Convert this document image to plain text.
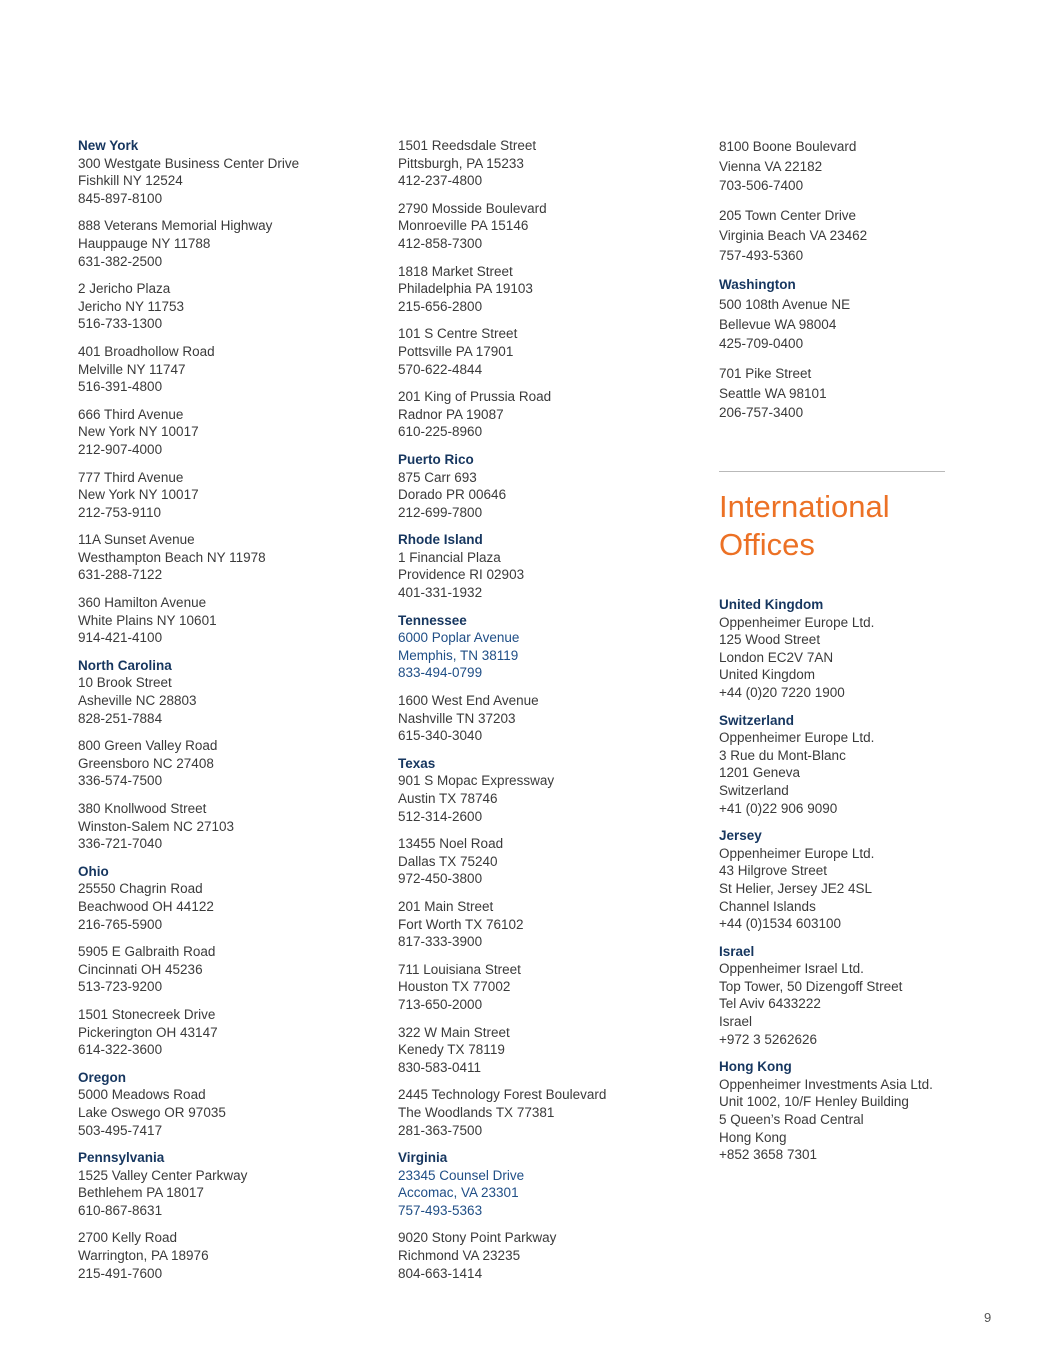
New York
300 Westgate Business Center Drive
Fishkill NY 12524
845-897-8100
888 Veterans Memorial Highway
Hauppauge NY 11788
631-382-2500
2 Jericho Plaza
Jericho NY 11753
516-733-1300
401 Broadhollow Road
Melville NY 11747
516-391-4800
666 Third Avenue
New York NY 10017
212-907-4000
777 Third Avenue
New York NY 10017
212-753-9110
11A Sunset Avenue
Westhampton Beach NY 11978
631-288-7122
360 Hamilton Avenue
White Plains NY 10601
914-421-4100
North Carolina
10 Brook Street
Asheville NC 28803
828-251-7884
800 Green Valley Road
Greensboro NC 27408
336-574-7500
380 Knollwood Street
Winston-Salem NC 27103
336-721-7040
Ohio
25550 Chagrin Road
Beachwood OH 44122
216-765-5900
5905 E Galbraith Road
Cincinnati OH 45236
513-723-9200
1501 Stonecreek Drive
Pickerington OH 43147
614-322-3600
Oregon
5000 Meadows Road
Lake Oswego OR 97035
503-495-7417
Pennsylvania
1525 Valley Center Parkway
Bethlehem PA 18017
610-867-8631
2700 Kelly Road
Warrington, PA 18976
215-491-7600
1501 Reedsdale Street
Pittsburgh, PA 15233
412-237-4800
2790 Mosside Boulevard
Monroeville PA 15146
412-858-7300
1818 Market Street
Philadelphia PA 19103
215-656-2800
101 S Centre Street
Pottsville PA 17901
570-622-4844
201 King of Prussia Road
Radnor PA 19087
610-225-8960
Puerto Rico
875 Carr 693
Dorado PR 00646
212-699-7800
Rhode Island
1 Financial Plaza
Providence RI 02903
401-331-1932
Tennessee
6000 Poplar Avenue
Memphis, TN 38119
833-494-0799
1600 West End Avenue
Nashville TN 37203
615-340-3040
Texas
901 S Mopac Expressway
Austin TX 78746
512-314-2600
13455 Noel Road
Dallas TX 75240
972-450-3800
201 Main Street
Fort Worth TX 76102
817-333-3900
711 Louisiana Street
Houston TX 77002
713-650-2000
322 W Main Street
Kenedy TX 78119
830-583-0411
2445 Technology Forest Boulevard
The Woodlands TX 77381
281-363-7500
Virginia
23345 Counsel Drive
Accomac, VA 23301
757-493-5363
9020 Stony Point Parkway
Richmond VA 23235
804-663-1414
8100 Boone Boulevard
Vienna VA 22182
703-506-7400
205 Town Center Drive
Virginia Beach VA 23462
757-493-5360
Washington
500 108th Avenue NE
Bellevue WA 98004
425-709-0400
701 Pike Street
Seattle WA 98101
206-757-3400
International
Offices
United Kingdom
Oppenheimer Europe Ltd.
125 Wood Street
London EC2V 7AN
United Kingdom
+44 (0)20 7220 1900
Switzerland
Oppenheimer Europe Ltd.
3 Rue du Mont-Blanc
1201 Geneva
Switzerland
+41 (0)22 906 9090
Jersey
Oppenheimer Europe Ltd.
43 Hilgrove Street
St Helier, Jersey JE2 4SL
Channel Islands
+44 (0)1534 603100
Israel
Oppenheimer Israel Ltd.
Top Tower, 50 Dizengoff Street
Tel Aviv 6433222
Israel
+972 3 5262626
Hong Kong
Oppenheimer Investments Asia Ltd.
Unit 1002, 10/F Henley Building
5 Queen’s Road Central
Hong Kong
+852 3658 7301
9
